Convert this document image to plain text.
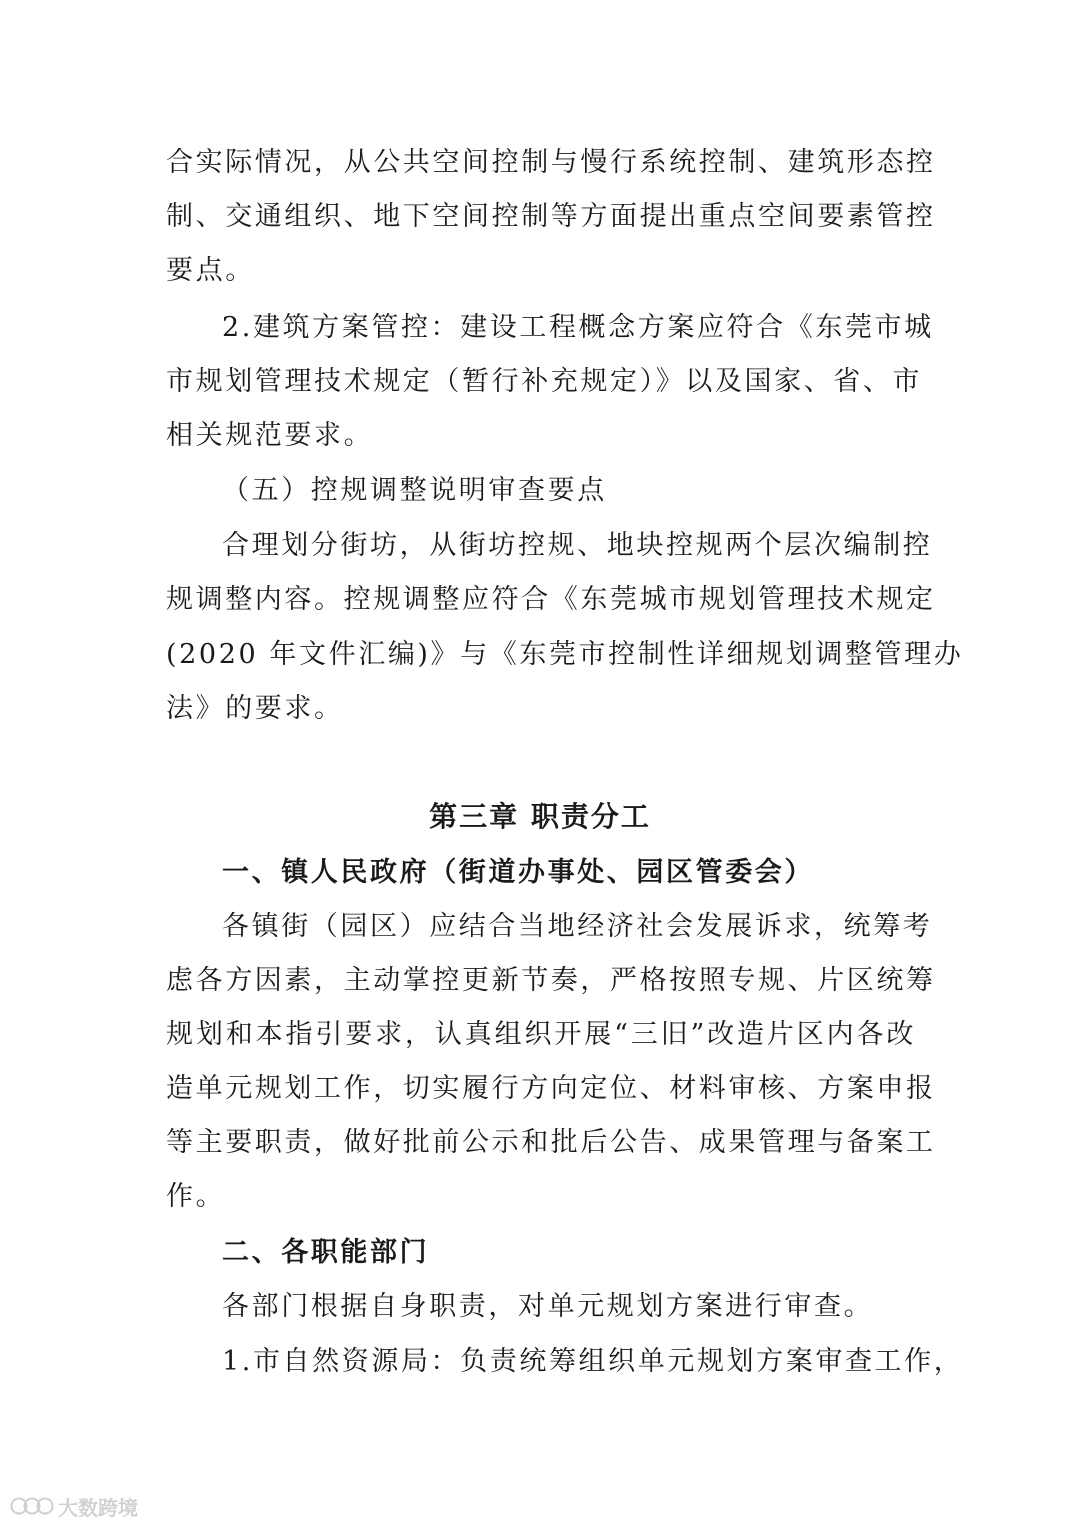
合实际情况，从公共空间控制与慢行系统控制、建筑形态控
制、交通组织、地下空间控制等方面提出重点空间要素管控
要点。
2.建筑方案管控：建设工程概念方案应符合《东莞市城
市规划管理技术规定（暂行补充规定）》以及国家、省、市
相关规范要求。
（五）控规调整说明审查要点
合理划分街坊，从街坊控规、地块控规两个层次编制控
规调整内容。控规调整应符合《东莞城市规划管理技术规定
(2020 年文件汇编)》与《东莞市控制性详细规划调整管理办
法》的要求。
第三章 职责分工
一、镇人民政府（街道办事处、园区管委会）
各镇街（园区）应结合当地经济社会发展诉求，统筹考
虑各方因素，主动掌控更新节奏，严格按照专规、片区统筹
规划和本指引要求，认真组织开展“三旧”改造片区内各改
造单元规划工作，切实履行方向定位、材料审核、方案申报
等主要职责，做好批前公示和批后公告、成果管理与备案工
作。
二、各职能部门
各部门根据自身职责，对单元规划方案进行审查。
1.市自然资源局：负责统筹组织单元规划方案审查工作，
大数跨境
